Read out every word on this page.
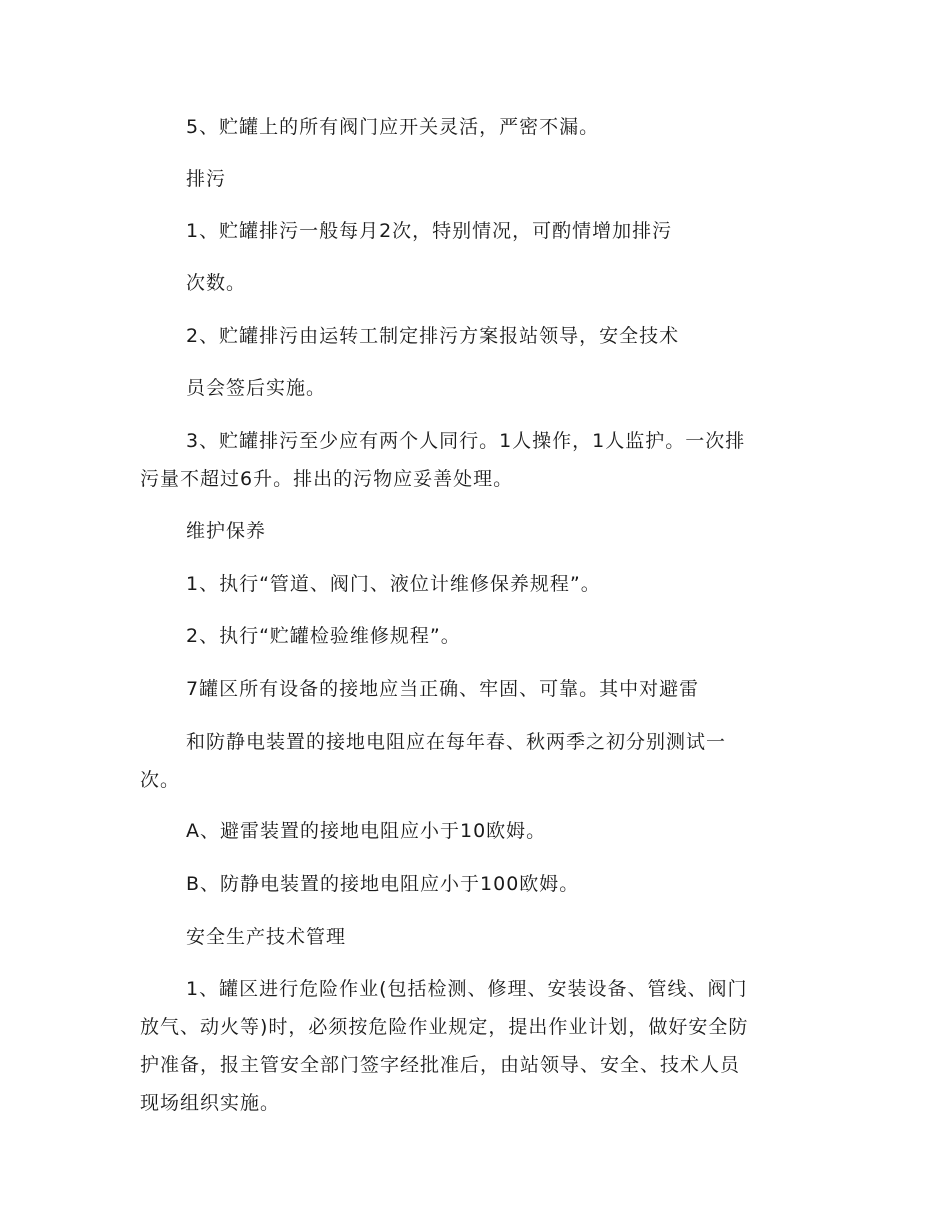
5、贮罐上的所有阀门应开关灵活，严密不漏。
排污
1、贮罐排污一般每月2次，特别情况，可酌情增加排污
次数。
2、贮罐排污由运转工制定排污方案报站领导，安全技术
员会签后实施。
3、贮罐排污至少应有两个人同行。1人操作，1人监护。一次排
污量不超过6升。排出的污物应妥善处理。
维护保养
1、执行“管道、阀门、液位计维修保养规程”。
2、执行“贮罐检验维修规程”。
7罐区所有设备的接地应当正确、牢固、可靠。其中对避雷
和防静电装置的接地电阻应在每年春、秋两季之初分别测试一
次。
A、避雷装置的接地电阻应小于10欧姆。
B、防静电装置的接地电阻应小于100欧姆。
安全生产技术管理
1、罐区进行危险作业(包括检测、修理、安装设备、管线、阀门
放气、动火等)时，必须按危险作业规定，提出作业计划，做好安全防
护准备，报主管安全部门签字经批准后，由站领导、安全、技术人员
现场组织实施。
